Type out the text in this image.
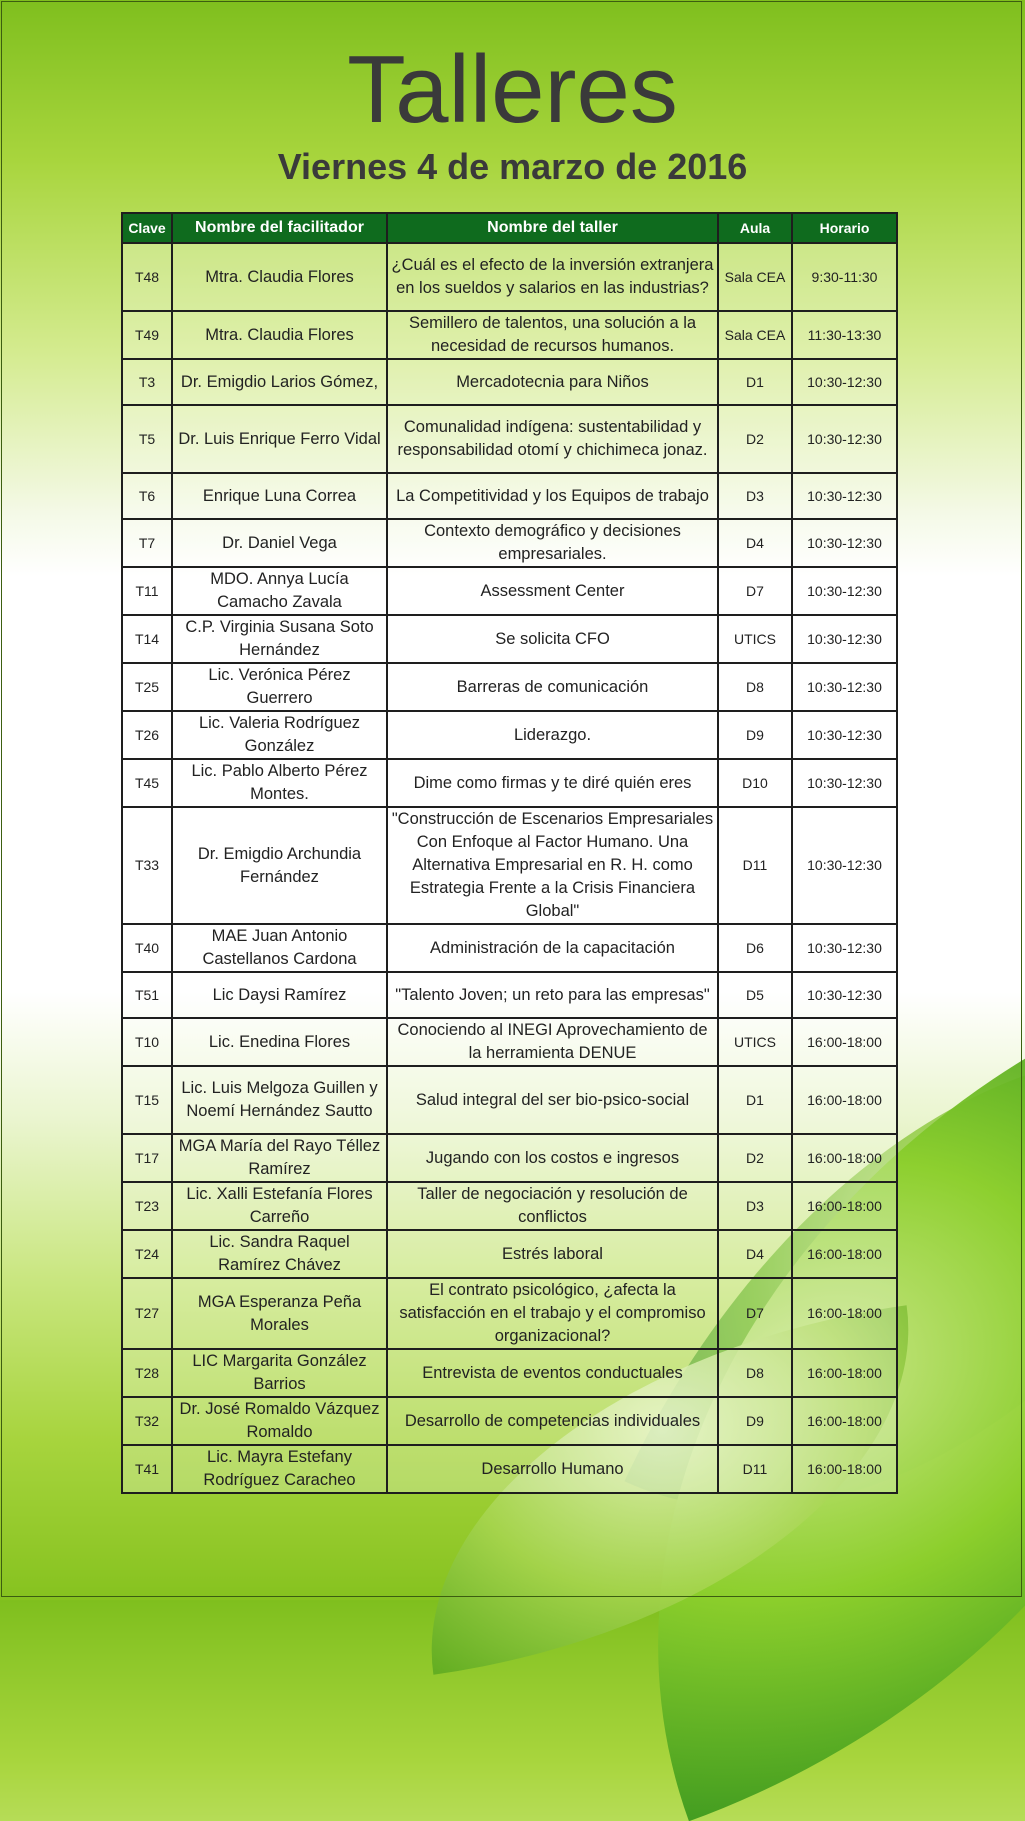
Talleres
Viernes 4 de marzo de 2016
Clave	Nombre del facilitador	Nombre del taller	Aula	Horario
T48	Mtra. Claudia Flores	¿Cuál es el efecto de la inversión extranjera en los sueldos y salarios en las industrias?	Sala CEA	9:30-11:30
T49	Mtra. Claudia Flores	Semillero de talentos, una solución a la necesidad de recursos humanos.	Sala CEA	11:30-13:30
T3	Dr. Emigdio Larios Gómez,	Mercadotecnia para Niños	D1	10:30-12:30
T5	Dr. Luis Enrique Ferro Vidal	Comunalidad indígena: sustentabilidad y responsabilidad otomí y chichimeca jonaz.	D2	10:30-12:30
T6	Enrique Luna Correa	La Competitividad y los Equipos de trabajo	D3	10:30-12:30
T7	Dr. Daniel Vega	Contexto demográfico y decisiones empresariales.	D4	10:30-12:30
T11	MDO. Annya Lucía Camacho Zavala	Assessment Center	D7	10:30-12:30
T14	C.P. Virginia Susana Soto Hernández	Se solicita CFO	UTICS	10:30-12:30
T25	Lic. Verónica Pérez Guerrero	Barreras de comunicación	D8	10:30-12:30
T26	Lic. Valeria Rodríguez González	Liderazgo.	D9	10:30-12:30
T45	Lic. Pablo Alberto Pérez Montes.	Dime como firmas y te diré quién eres	D10	10:30-12:30
T33	Dr. Emigdio Archundia Fernández	"Construcción de Escenarios Empresariales Con Enfoque al Factor Humano. Una Alternativa Empresarial en R. H. como Estrategia Frente a la Crisis Financiera Global"	D11	10:30-12:30
T40	MAE Juan Antonio Castellanos Cardona	Administración de la capacitación	D6	10:30-12:30
T51	Lic Daysi Ramírez	"Talento Joven; un reto para las empresas"	D5	10:30-12:30
T10	Lic. Enedina Flores	Conociendo al INEGI Aprovechamiento de la herramienta DENUE	UTICS	16:00-18:00
T15	Lic. Luis Melgoza Guillen y Noemí Hernández Sautto	Salud integral del ser bio-psico-social	D1	16:00-18:00
T17	MGA María del Rayo Téllez Ramírez	Jugando con los costos e ingresos	D2	16:00-18:00
T23	Lic. Xalli Estefanía Flores Carreño	Taller de negociación y resolución de conflictos	D3	16:00-18:00
T24	Lic. Sandra Raquel Ramírez Chávez	Estrés laboral	D4	16:00-18:00
T27	MGA Esperanza Peña Morales	El contrato psicológico, ¿afecta la satisfacción en el trabajo y el compromiso organizacional?	D7	16:00-18:00
T28	LIC Margarita González Barrios	Entrevista de eventos conductuales	D8	16:00-18:00
T32	Dr. José Romaldo Vázquez Romaldo	Desarrollo de competencias individuales	D9	16:00-18:00
T41	Lic. Mayra Estefany Rodríguez Caracheo	Desarrollo Humano	D11	16:00-18:00
